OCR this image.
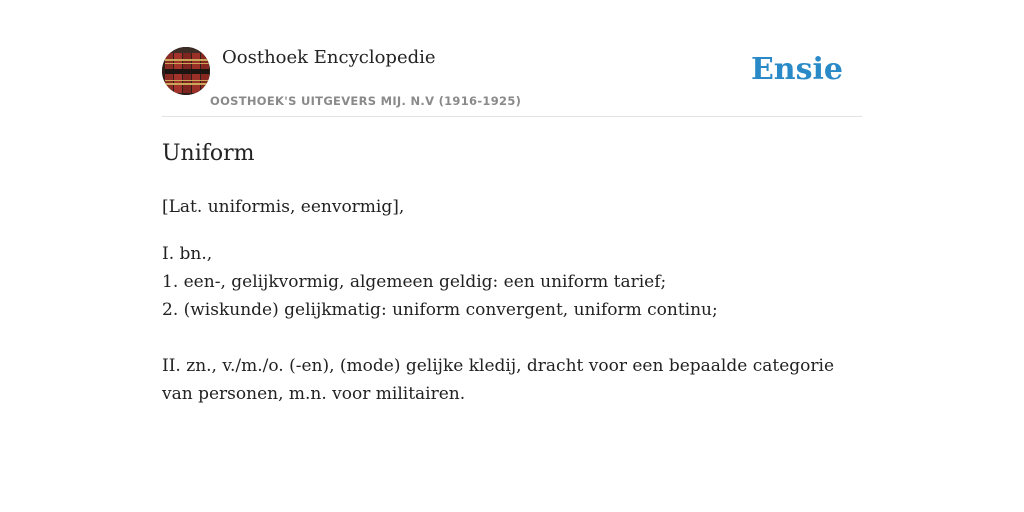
Oosthoek Encyclopedie
OOSTHOEK'S UITGEVERS MIJ. N.V (1916-1925)
Ensie
Uniform

[Lat. uniformis, eenvormig],

I. bn.,
1. een-, gelijkvormig, algemeen geldig: een uniform tarief;
2. (wiskunde) gelijkmatig: uniform convergent, uniform continu;
II. zn., v./m./o. (-en), (mode) gelijke kledij, dracht voor een bepaalde categorie van personen, m.n. voor militairen.
